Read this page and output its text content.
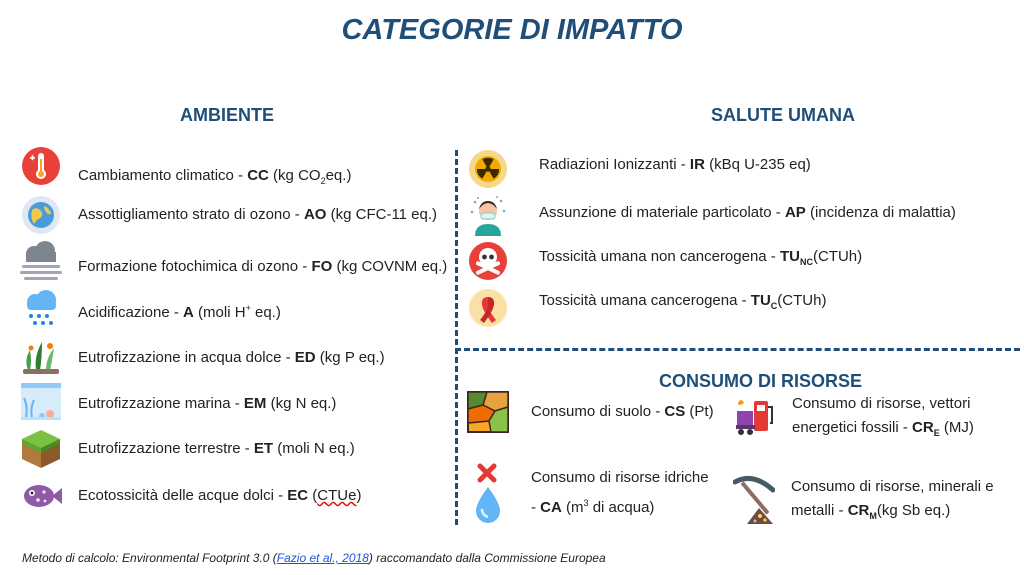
CATEGORIE DI IMPATTO
AMBIENTE
Cambiamento climatico - CC (kg $CO_2eq$.)
Assottigliamento strato di ozono - AO (kg CFC-11 eq.)
Formazione fotochimica di ozono - FO (kg COVNM eq.)
Acidificazione - A (moli H+ eq.)
Eutrofizzazione in acqua dolce - ED (kg P eq.)
Eutrofizzazione marina - EM (kg N eq.)
Eutrofizzazione terrestre - ET (moli N eq.)
Ecotossicità delle acque dolci - EC (CTUe)
SALUTE UMANA
Radiazioni Ionizzanti - IR (kBq U-235 eq)
Assunzione di materiale particolato - AP (incidenza di malattia)
Tossicità umana non cancerogena - $TU_{NC}(CTUh)$
Tossicità umana cancerogena - $TU_C(CTUh)$
CONSUMO DI RISORSE
Consumo di suolo - CS (Pt)	Consumo di risorse, vettori
energetici fossili - $CR_E$ (MJ)
Consumo di risorse idriche
- CA ($m^3$ di acqua)
Consumo di risorse, minerali e
metalli - $CR_M(kg$ Sb eq.)
Metodo di calcolo: Environmental Footprint 3.0 (Fazio et al., 2018) raccomandato dalla Commissione Europea
